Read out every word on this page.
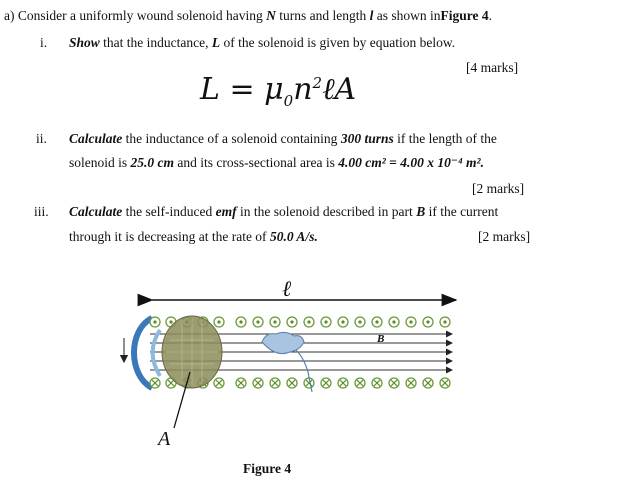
a) Consider a uniformly wound solenoid having N turns and length l as shown inFigure 4.
i. Show that the inductance, L of the solenoid is given by equation below.
[4 marks]
$L = \mu_0n^2\ell A$
ii. Calculate the inductance of a solenoid containing 300 turns if the length of the
solenoid is 25.0 cm and its cross-sectional area is 4.00 cm² = 4.00 x 10⁻⁴ m².
[2 marks]
iii. Calculate the self-induced emf in the solenoid described in part B if the current
through it is decreasing at the rate of 50.0 A/s.	[2 marks]
ℓ
B⃗
A
Figure 4
